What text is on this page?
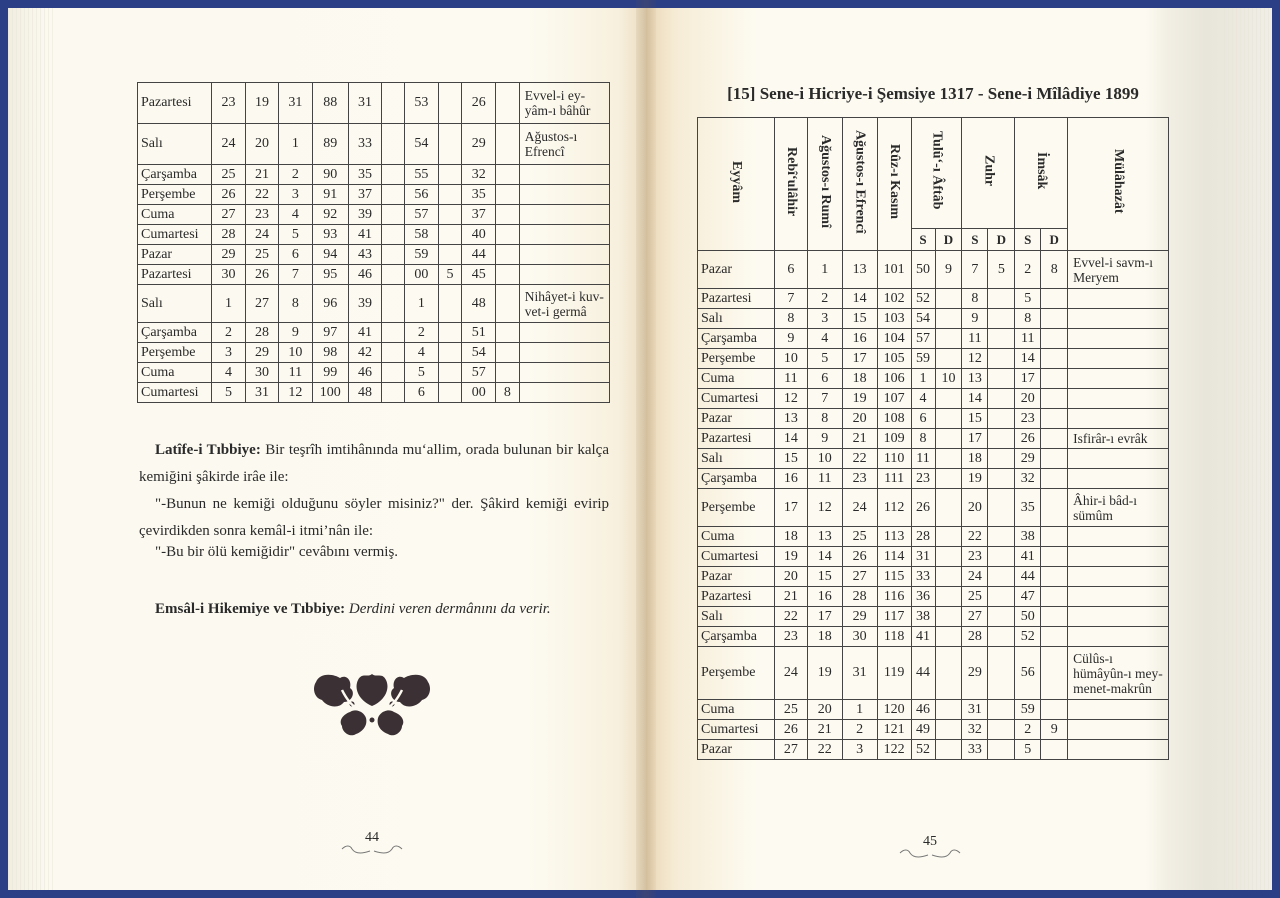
Pazartesi	23	19	31	88	31		53		26		Evvel-i ey-yâm-ı bâhûr
Salı	24	20	1	89	33		54		29		Ağustos-ı Efrencî
Çarşamba	25	21	2	90	35		55		32		
Perşembe	26	22	3	91	37		56		35		
Cuma	27	23	4	92	39		57		37		
Cumartesi	28	24	5	93	41		58		40		
Pazar	29	25	6	94	43		59		44		
Pazartesi	30	26	7	95	46		00	5	45		
Salı	1	27	8	96	39		1		48		Nihâyet-i kuv-vet-i germâ
Çarşamba	2	28	9	97	41		2		51		
Perşembe	3	29	10	98	42		4		54		
Cuma	4	30	11	99	46		5		57		
Cumartesi	5	31	12	100	48		6		00	8	
Latîfe-i Tıbbiye: Bir teşrîh imtihânında mu‘allim, orada bulunan bir kalça kemiğini şâkirde irâe ile:
"-Bunun ne kemiği olduğunu söyler misiniz?" der. Şâkird kemiği evirip çevirdikden sonra kemâl-i itmi’nân ile:
"-Bu bir ölü kemiğidir" cevâbını vermiş.
Emsâl-i Hikemiye ve Tıbbiye: Derdini veren dermânını da verir.
44	45
[15] Sene-i Hicriye-i Şemsiye 1317 - Sene-i Mîlâdiye 1899
Eyyâm	Rebî‘ulâhir	Ağustos-ı Rumî	Ağustos-ı Efrencî	Rûz-ı Kasım	Tulû‘-ı Âftâb		Zuhr		İmsâk		Mülâhazât
					S	D	S	D	S	D	
Pazar	6	1	13	101	50	9	7	5	2	8	Evvel-i savm-ı Meryem
Pazartesi	7	2	14	102	52		8		5		
Salı	8	3	15	103	54		9		8		
Çarşamba	9	4	16	104	57		11		11		
Perşembe	10	5	17	105	59		12		14		
Cuma	11	6	18	106	1	10	13		17		
Cumartesi	12	7	19	107	4		14		20		
Pazar	13	8	20	108	6		15		23		
Pazartesi	14	9	21	109	8		17		26		Isfirâr-ı evrâk
Salı	15	10	22	110	11		18		29		
Çarşamba	16	11	23	111	23		19		32		
Perşembe	17	12	24	112	26		20		35		Âhir-i bâd-ı sümûm
Cuma	18	13	25	113	28		22		38		
Cumartesi	19	14	26	114	31		23		41		
Pazar	20	15	27	115	33		24		44		
Pazartesi	21	16	28	116	36		25		47		
Salı	22	17	29	117	38		27		50		
Çarşamba	23	18	30	118	41		28		52		
Perşembe	24	19	31	119	44		29		56		Cülûs-ı hümâyûn-ı mey-menet-makrûn
Cuma	25	20	1	120	46		31		59		
Cumartesi	26	21	2	121	49		32		2	9	
Pazar	27	22	3	122	52		33		5		
